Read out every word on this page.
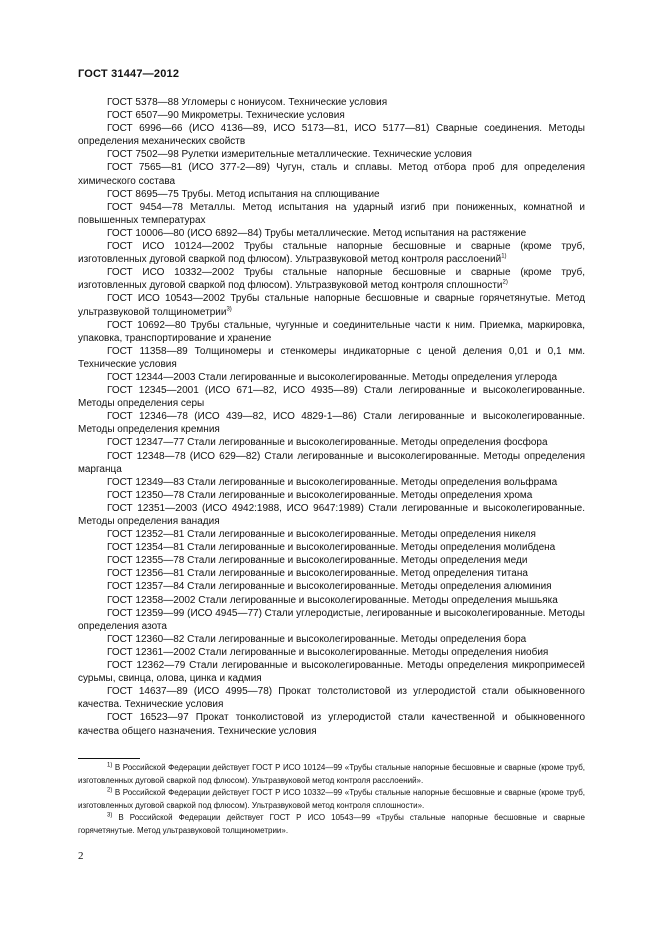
ГОСТ 31447—2012

ГОСТ 5378—88 Угломеры с нониусом. Технические условия

ГОСТ 6507—90 Микрометры. Технические условия

ГОСТ 6996—66 (ИСО 4136—89, ИСО 5173—81, ИСО 5177—81) Сварные соединения. Методы определения механических свойств

ГОСТ 7502—98 Рулетки измерительные металлические. Технические условия

ГОСТ 7565—81 (ИСО 377-2—89) Чугун, сталь и сплавы. Метод отбора проб для определения химического состава

ГОСТ 8695—75 Трубы. Метод испытания на сплющивание

ГОСТ 9454—78 Металлы. Метод испытания на ударный изгиб при пониженных, комнатной и повышенных температурах

ГОСТ 10006—80 (ИСО 6892—84) Трубы металлические. Метод испытания на растяжение

ГОСТ ИСО 10124—2002 Трубы стальные напорные бесшовные и сварные (кроме труб, изготовленных дуговой сваркой под флюсом). Ультразвуковой метод контроля расслоений$^{1)}$

ГОСТ ИСО 10332—2002 Трубы стальные напорные бесшовные и сварные (кроме труб, изготовленных дуговой сваркой под флюсом). Ультразвуковой метод контроля сплошности$^{2)}$

ГОСТ ИСО 10543—2002 Трубы стальные напорные бесшовные и сварные горячетянутые. Метод ультразвуковой толщинометрии$^{3)}$

ГОСТ 10692—80 Трубы стальные, чугунные и соединительные части к ним. Приемка, маркировка, упаковка, транспортирование и хранение

ГОСТ 11358—89 Толщиномеры и стенкомеры индикаторные с ценой деления 0,01 и 0,1 мм. Технические условия

ГОСТ 12344—2003 Стали легированные и высоколегированные. Методы определения углерода

ГОСТ 12345—2001 (ИСО 671—82, ИСО 4935—89) Стали легированные и высоколегированные. Методы определения серы

ГОСТ 12346—78 (ИСО 439—82, ИСО 4829-1—86) Стали легированные и высоколегированные. Методы определения кремния

ГОСТ 12347—77 Стали легированные и высоколегированные. Методы определения фосфора

ГОСТ 12348—78 (ИСО 629—82) Стали легированные и высоколегированные. Методы определения марганца

ГОСТ 12349—83 Стали легированные и высоколегированные. Методы определения вольфрама

ГОСТ 12350—78 Стали легированные и высоколегированные. Методы определения хрома

ГОСТ 12351—2003 (ИСО 4942:1988, ИСО 9647:1989) Стали легированные и высоколегированные. Методы определения ванадия

ГОСТ 12352—81 Стали легированные и высоколегированные. Методы определения никеля

ГОСТ 12354—81 Стали легированные и высоколегированные. Методы определения молибдена

ГОСТ 12355—78 Стали легированные и высоколегированные. Методы определения меди

ГОСТ 12356—81 Стали легированные и высоколегированные. Метод определения титана

ГОСТ 12357—84 Стали легированные и высоколегированные. Методы определения алюминия

ГОСТ 12358—2002 Стали легированные и высоколегированные. Методы определения мышьяка

ГОСТ 12359—99 (ИСО 4945—77) Стали углеродистые, легированные и высоколегированные. Методы определения азота

ГОСТ 12360—82 Стали легированные и высоколегированные. Методы определения бора

ГОСТ 12361—2002 Стали легированные и высоколегированные. Методы определения ниобия

ГОСТ 12362—79 Стали легированные и высоколегированные. Методы определения микропримесей сурьмы, свинца, олова, цинка и кадмия

ГОСТ 14637—89 (ИСО 4995—78) Прокат толстолистовой из углеродистой стали обыкновенного качества. Технические условия

ГОСТ 16523—97 Прокат тонколистовой из углеродистой стали качественной и обыкновенного качества общего назначения. Технические условия

$^{1)}$ В Российской Федерации действует ГОСТ Р ИСО 10124—99 «Трубы стальные напорные бесшовные и сварные (кроме труб, изготовленных дуговой сваркой под флюсом). Ультразвуковой метод контроля расслоений».

$^{2)}$ В Российской Федерации действует ГОСТ Р ИСО 10332—99 «Трубы стальные напорные бесшовные и сварные (кроме труб, изготовленных дуговой сваркой под флюсом). Ультразвуковой метод контроля сплошности».

$^{3)}$ В Российской Федерации действует ГОСТ Р ИСО 10543—99 «Трубы стальные напорные бесшовные и сварные горячетянутые. Метод ультразвуковой толщинометрии».

2
